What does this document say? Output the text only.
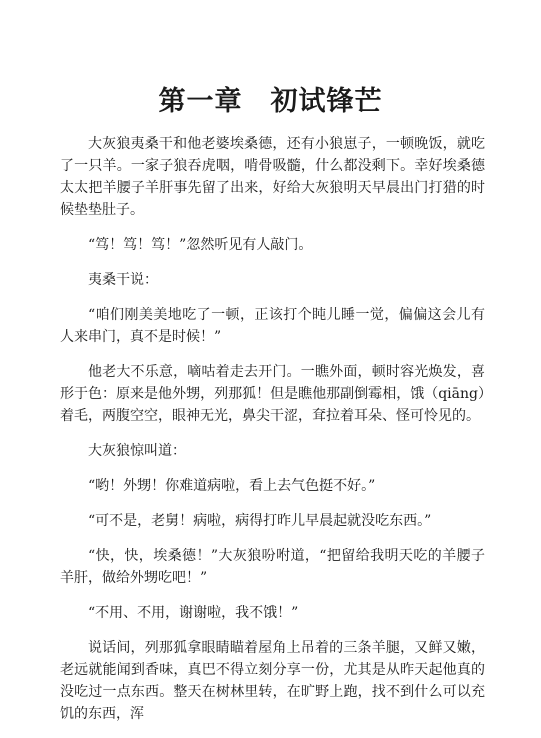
第一章　初试锋芒

大灰狼夷桑干和他老婆埃桑德，还有小狼崽子，一顿晚饭，就吃了一只羊。一家子狼吞虎咽，啃骨吸髓，什么都没剩下。幸好埃桑德太太把羊腰子羊肝事先留了出来，好给大灰狼明天早晨出门打猎的时候垫垫肚子。

“笃！笃！笃！”忽然听见有人敲门。

夷桑干说：

“咱们刚美美地吃了一顿，正该打个盹儿睡一觉，偏偏这会儿有人来串门，真不是时候！”

他老大不乐意，嘀咕着走去开门。一瞧外面，顿时容光焕发，喜形于色：原来是他外甥，列那狐！但是瞧他那副倒霉相，饿（qiāng）着毛，两腹空空，眼神无光，鼻尖干涩，耷拉着耳朵、怪可怜见的。

大灰狼惊叫道：

“哟！外甥！你难道病啦，看上去气色挺不好。”

“可不是，老舅！病啦，病得打昨儿早晨起就没吃东西。”

“快，快，埃桑德！”大灰狼吩咐道，“把留给我明天吃的羊腰子羊肝，做给外甥吃吧！”

“不用、不用，谢谢啦，我不饿！”

说话间，列那狐拿眼睛瞄着屋角上吊着的三条羊腿，又鲜又嫩，老远就能闻到香味，真巴不得立刻分享一份，尤其是从昨天起他真的没吃过一点东西。整天在树林里转，在旷野上跑，找不到什么可以充饥的东西，浑
